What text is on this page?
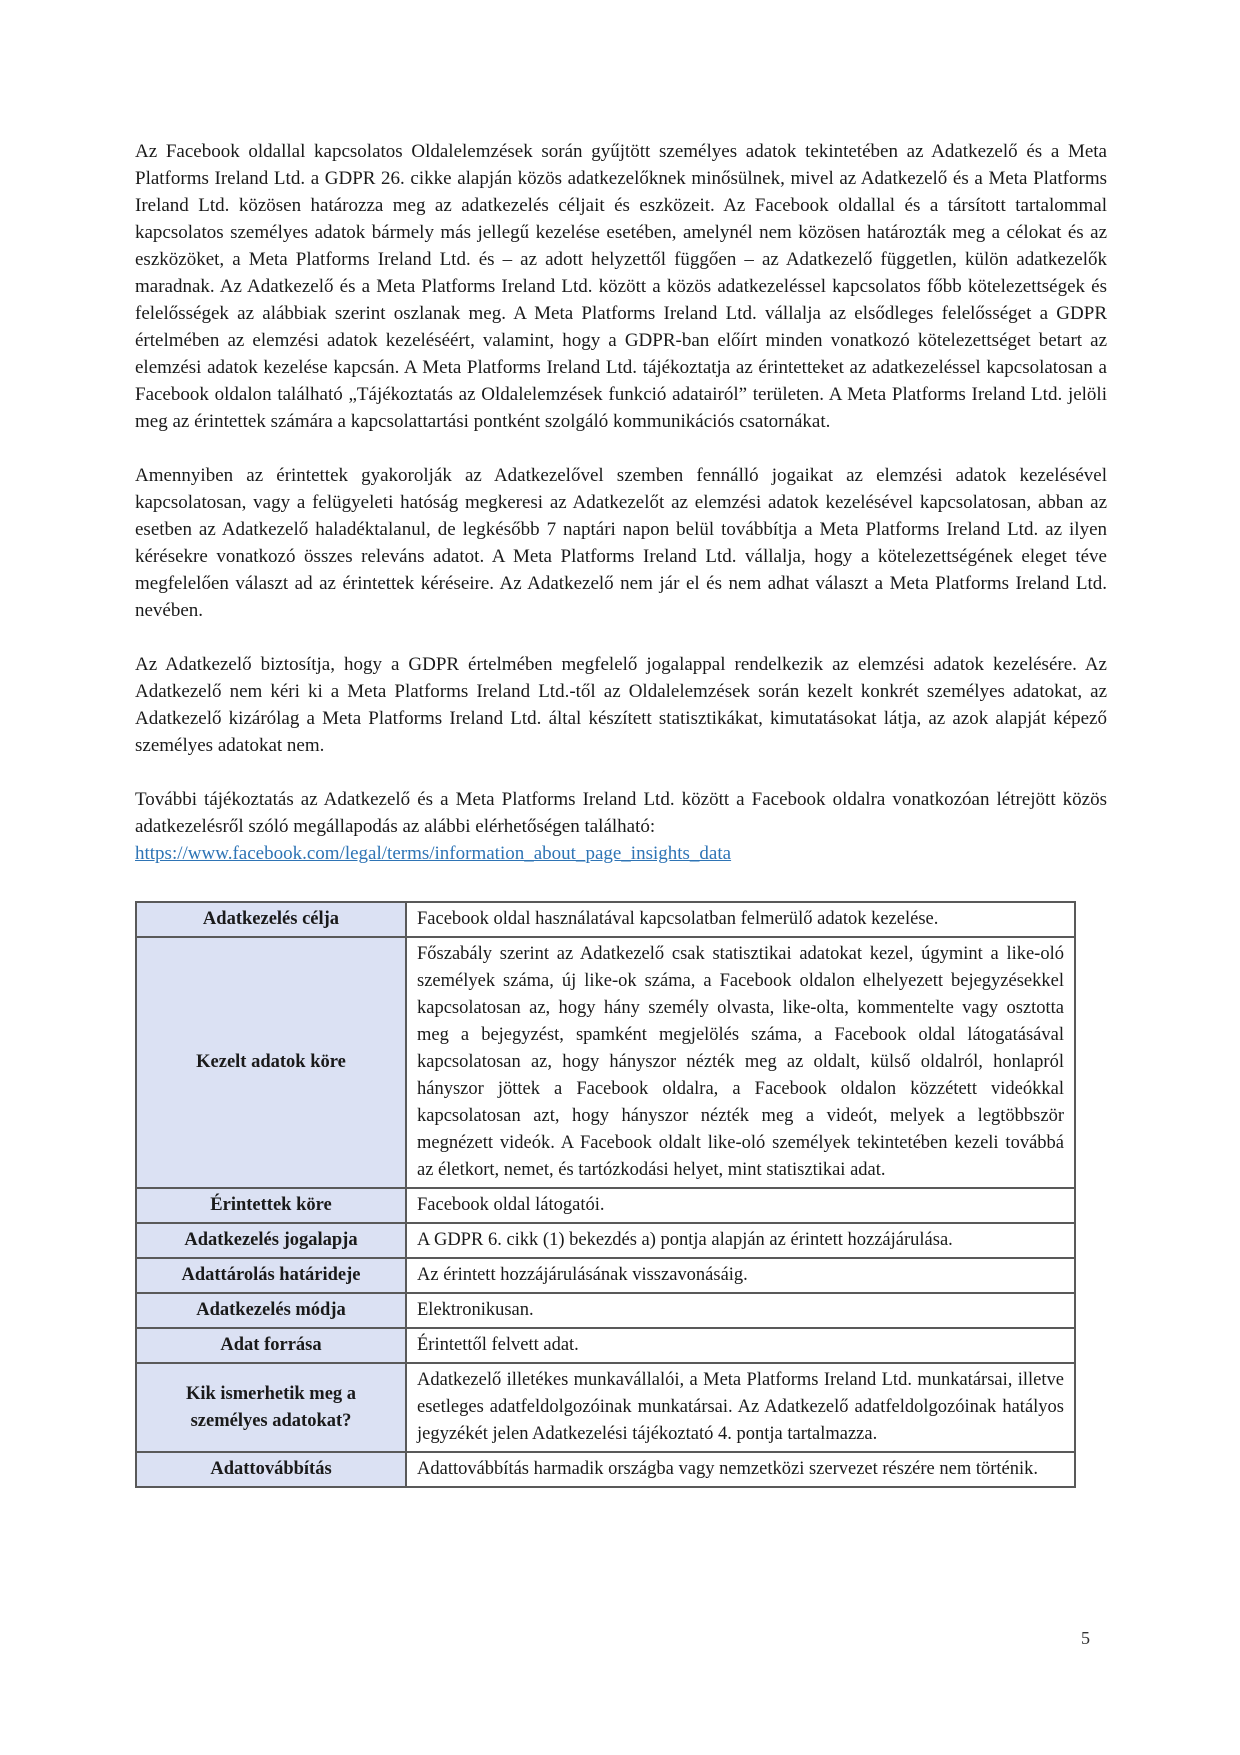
Az Facebook oldallal kapcsolatos Oldalelemzések során gyűjtött személyes adatok tekintetében az Adatkezelő és a Meta Platforms Ireland Ltd. a GDPR 26. cikke alapján közös adatkezelőknek minősülnek, mivel az Adatkezelő és a Meta Platforms Ireland Ltd. közösen határozza meg az adatkezelés céljait és eszközeit. Az Facebook oldallal és a társított tartalommal kapcsolatos személyes adatok bármely más jellegű kezelése esetében, amelynél nem közösen határozták meg a célokat és az eszközöket, a Meta Platforms Ireland Ltd. és – az adott helyzettől függően – az Adatkezelő független, külön adatkezelők maradnak. Az Adatkezelő és a Meta Platforms Ireland Ltd. között a közös adatkezeléssel kapcsolatos főbb kötelezettségek és felelősségek az alábbiak szerint oszlanak meg. A Meta Platforms Ireland Ltd. vállalja az elsődleges felelősséget a GDPR értelmében az elemzési adatok kezeléséért, valamint, hogy a GDPR-ban előírt minden vonatkozó kötelezettséget betart az elemzési adatok kezelése kapcsán. A Meta Platforms Ireland Ltd. tájékoztatja az érintetteket az adatkezeléssel kapcsolatosan a Facebook oldalon található „Tájékoztatás az Oldalelemzések funkció adatairól” területen. A Meta Platforms Ireland Ltd. jelöli meg az érintettek számára a kapcsolattartási pontként szolgáló kommunikációs csatornákat.

Amennyiben az érintettek gyakorolják az Adatkezelővel szemben fennálló jogaikat az elemzési adatok kezelésével kapcsolatosan, vagy a felügyeleti hatóság megkeresi az Adatkezelőt az elemzési adatok kezelésével kapcsolatosan, abban az esetben az Adatkezelő haladéktalanul, de legkésőbb 7 naptári napon belül továbbítja a Meta Platforms Ireland Ltd. az ilyen kérésekre vonatkozó összes releváns adatot. A Meta Platforms Ireland Ltd. vállalja, hogy a kötelezettségének eleget téve megfelelően választ ad az érintettek kéréseire. Az Adatkezelő nem jár el és nem adhat választ a Meta Platforms Ireland Ltd. nevében.

Az Adatkezelő biztosítja, hogy a GDPR értelmében megfelelő jogalappal rendelkezik az elemzési adatok kezelésére. Az Adatkezelő nem kéri ki a Meta Platforms Ireland Ltd.-től az Oldalelemzések során kezelt konkrét személyes adatokat, az Adatkezelő kizárólag a Meta Platforms Ireland Ltd. által készített statisztikákat, kimutatásokat látja, az azok alapját képező személyes adatokat nem.

További tájékoztatás az Adatkezelő és a Meta Platforms Ireland Ltd. között a Facebook oldalra vonatkozóan létrejött közös adatkezelésről szóló megállapodás az alábbi elérhetőségen található:

https://www.facebook.com/legal/terms/information_about_page_insights_data
Adatkezelés célja	Facebook oldal használatával kapcsolatban felmerülő adatok kezelése.
Kezelt adatok köre	Főszabály szerint az Adatkezelő csak statisztikai adatokat kezel, úgymint a like-oló személyek száma, új like-ok száma, a Facebook oldalon elhelyezett bejegyzésekkel kapcsolatosan az, hogy hány személy olvasta, like-olta, kommentelte vagy osztotta meg a bejegyzést, spamként megjelölés száma, a Facebook oldal látogatásával kapcsolatosan az, hogy hányszor nézték meg az oldalt, külső oldalról, honlapról hányszor jöttek a Facebook oldalra, a Facebook oldalon közzétett videókkal kapcsolatosan azt, hogy hányszor nézték meg a videót, melyek a legtöbbször megnézett videók. A Facebook oldalt like-oló személyek tekintetében kezeli továbbá az életkort, nemet, és tartózkodási helyet, mint statisztikai adat.
Érintettek köre	Facebook oldal látogatói.
Adatkezelés jogalapja	A GDPR 6. cikk (1) bekezdés a) pontja alapján az érintett hozzájárulása.
Adattárolás határideje	Az érintett hozzájárulásának visszavonásáig.
Adatkezelés módja	Elektronikusan.
Adat forrása	Érintettől felvett adat.
Kik ismerhetik meg a személyes adatokat?	Adatkezelő illetékes munkavállalói, a Meta Platforms Ireland Ltd. munkatársai, illetve esetleges adatfeldolgozóinak munkatársai. Az Adatkezelő adatfeldolgozóinak hatályos jegyzékét jelen Adatkezelési tájékoztató 4. pontja tartalmazza.
Adattovábbítás	Adattovábbítás harmadik országba vagy nemzetközi szervezet részére nem történik.
5
